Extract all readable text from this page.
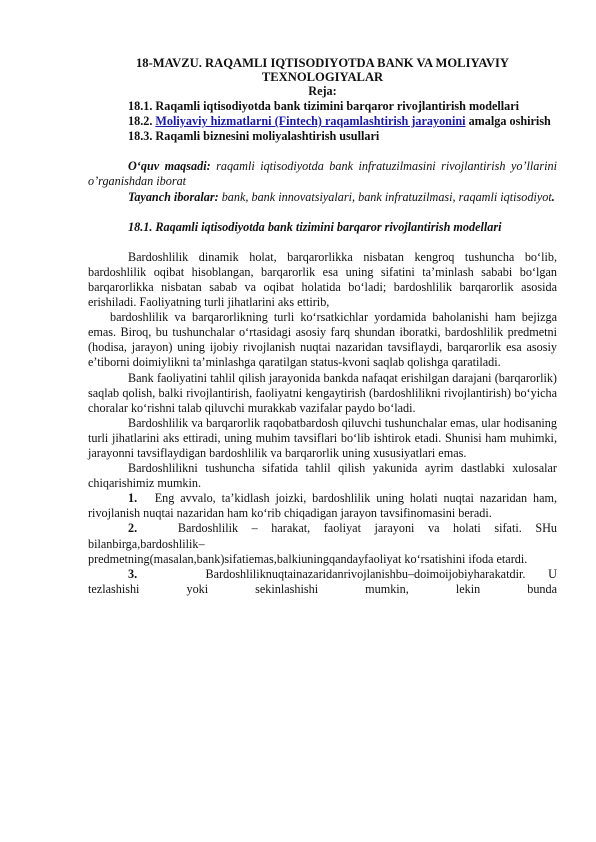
18-MAVZU. RAQAMLI IQTISODIYOTDA BANK VA MOLIYAVIY
TEXNOLOGIYALAR

Reja:

18.1. Raqamli iqtisodiyotda bank tizimini barqaror rivojlantirish modellari

18.2. Moliyaviy hizmatlarni (Fintech) raqamlashtirish jarayonini amalga oshirish

18.3. Raqamli biznesini moliyalashtirish usullari

O‘quv maqsadi: raqamli iqtisodiyotda bank infratuzilmasini rivojlantirish yo’llarini o’rganishdan iborat

Tayanch iboralar: bank, bank innovatsiyalari, bank infratuzilmasi, raqamli iqtisodiyot.

18.1. Raqamli iqtisodiyotda bank tizimini barqaror rivojlantirish modellari

Bardoshlilik dinamik holat, barqarorlikka nisbatan kengroq tushuncha bo‘lib, bardoshlilik oqibat hisoblangan, barqarorlik esa uning sifatini ta’minlash sababi bo‘lgan barqarorlikka nisbatan sabab va oqibat holatida bo‘ladi; bardoshlilik barqarorlik asosida erishiladi. Faoliyatning turli jihatlarini aks ettirib,

bardoshlilik va barqarorlikning turli ko‘rsatkichlar yordamida baholanishi ham bejizga emas. Biroq, bu tushunchalar o‘rtasidagi asosiy farq shundan iboratki, bardoshlilik predmetni (hodisa, jarayon) uning ijobiy rivojlanish nuqtai nazaridan tavsiflaydi, barqarorlik esa asosiy e’tiborni doimiylikni ta’minlashga qaratilgan status-kvoni saqlab qolishga qaratiladi.

Bank faoliyatini tahlil qilish jarayonida bankda nafaqat erishilgan darajani (barqarorlik) saqlab qolish, balki rivojlantirish, faoliyatni kengaytirish (bardoshlilikni rivojlantirish) bo‘yicha choralar ko‘rishni talab qiluvchi murakkab vazifalar paydo bo‘ladi.

Bardoshlilik va barqarorlik raqobatbardosh qiluvchi tushunchalar emas, ular hodisaning turli jihatlarini aks ettiradi, uning muhim tavsiflari bo‘lib ishtirok etadi. Shunisi ham muhimki, jarayonni tavsiflaydigan bardoshlilik va barqarorlik uning xususiyatlari emas.

Bardoshlilikni tushuncha sifatida tahlil qilish yakunida ayrim dastlabki xulosalar chiqarishimiz mumkin.

1. Eng avvalo, ta’kidlash joizki, bardoshlilik uning holati nuqtai nazaridan ham, rivojlanish nuqtai nazaridan ham ko‘rib chiqadigan jarayon tavsifinomasini beradi.

2.	Bardoshlilik – harakat, faoliyat jarayoni va holati sifati. SHu bilanbirga,bardoshlilik–

predmetning(masalan,bank)sifatiemas,balkiuningqandayfaoliyat ko‘rsatishini ifoda etardi.

3.	Bardoshliliknuqtainazaridanrivojlanishbu–doimoijobiyharakatdir. U

tezlashishi	yoki	sekinlashishi	mumkin,	lekin	bunda
